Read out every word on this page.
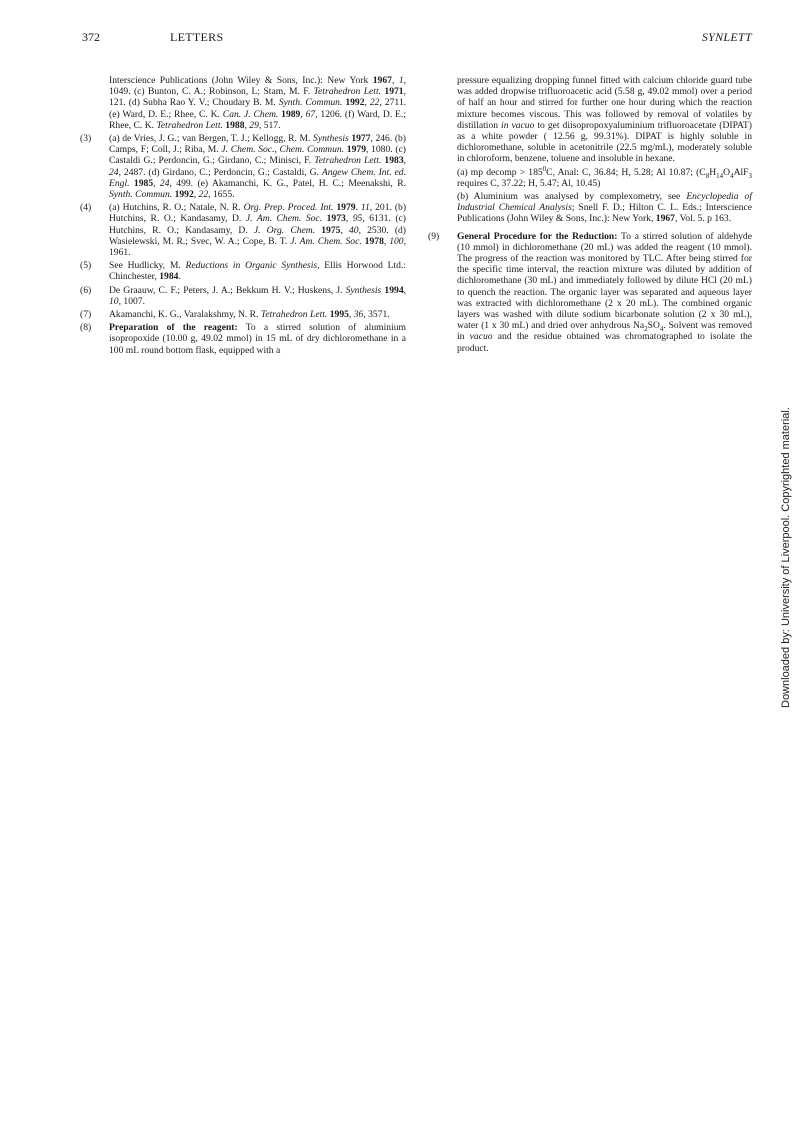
372	LETTERS	SYNLETT
Interscience Publications (John Wiley & Sons, Inc.): New York 1967, 1, 1049. (c) Bunton, C. A.; Robinson, L; Stam, M. F. Tetrahedron Lett. 1971, 121. (d) Subha Rao Y. V.; Choudary B. M. Synth. Commun. 1992, 22, 2711. (e) Ward, D. E.; Rhee, C. K. Can. J. Chem. 1989, 67, 1206. (f) Ward, D. E.; Rhee, C. K. Tetrahedron Lett. 1988, 29, 517.
(3) (a) de Vries, J. G.; van Bergen, T. J.; Kellogg, R. M. Synthesis 1977, 246. (b) Camps, F; Coll, J.; Riba, M. J. Chem. Soc., Chem. Commun. 1979, 1080. (c) Castaldi G.; Perdoncin, G.; Girdano, C.; Minisci, F. Tetrahedron Lett. 1983, 24, 2487. (d) Girdano, C.; Perdoncin, G.; Castaldi, G. Angew Chem. Int. ed. Engl. 1985, 24, 499. (e) Akamanchi, K. G., Patel, H. C.; Meenakshi, R. Synth. Commun. 1992, 22, 1655.
(4) (a) Hutchins, R. O.; Natale, N. R. Org. Prep. Proced. Int. 1979. 11, 201. (b) Hutchins, R. O.; Kandasamy, D. J. Am. Chem. Soc. 1973, 95, 6131. (c) Hutchins, R. O.; Kandasamy, D. J. Org. Chem. 1975, 40, 2530. (d) Wasielewski, M. R.; Svec, W. A.; Cope, B. T. J. Am. Chem. Soc. 1978, 100, 1961.
(5) See Hudlicky, M. Reductions in Organic Synthesis, Ellis Horwood Ltd.: Chinchester, 1984.
(6) De Graauw, C. F.; Peters, J. A.; Bekkum H. V.; Huskens, J. Synthesis 1994, 10, 1007.
(7) Akamanchi, K. G., Varalakshmy, N. R. Tetrahedron Lett. 1995, 36, 3571.
(8) Preparation of the reagent: To a stirred solution of aluminium isopropoxide (10.00 g, 49.02 mmol) in 15 mL of dry dichloromethane in a 100 mL round bottom flask, equipped with a
pressure equalizing dropping funnel fitted with calcium chloride guard tube was added dropwise trifluoroacetic acid (5.58 g, 49.02 mmol) over a period of half an hour and stirred for further one hour during which the reaction mixture becomes viscous. This was followed by removal of volatiles by distillation in vacuo to get diisopropoxyaluminium trifluoroacetate (DIPAT) as a white powder ( 12.56 g, 99.31%). DIPAT is highly soluble in dichloromethane, soluble in acetonitrile (22.5 mg/mL), moderately soluble in chloroform, benzene, toluene and insoluble in hexane.
(a) mp decomp > $185^0C$, Anal: C, 36.84; H, 5.28; Al 10.87; ($C_8H_{14}O_4AlF_3$ requires C, 37.22; H, 5.47; Al, 10.45)
(b) Aluminium was analysed by complexometry, see Encyclopedia of Industrial Chemical Analysis; Snell F. D.; Hilton C. L. Eds.; Interscience Publications (John Wiley & Sons, Inc.): New York, 1967, Vol. 5. p 163.
(9) General Procedure for the Reduction: To a stirred solution of aldehyde (10 mmol) in dichloromethane (20 mL) was added the reagent (10 mmol). The progress of the reaction was monitored by TLC. After being stirred for the specific time interval, the reaction mixture was diluted by addition of dichloromethane (30 mL) and immediately followed by dilute HCl (20 mL) to quench the reaction. The organic layer was separated and aqueous layer was extracted with dichloromethane (2 x 20 mL). The combined organic layers was washed with dilute sodium bicarbonate solution (2 x 30 mL), water (1 x 30 mL) and dried over anhydrous $Na_2SO_4$. Solvent was removed in vacuo and the residue obtained was chromatographed to isolate the product.
Downloaded by: University of Liverpool. Copyrighted material.
